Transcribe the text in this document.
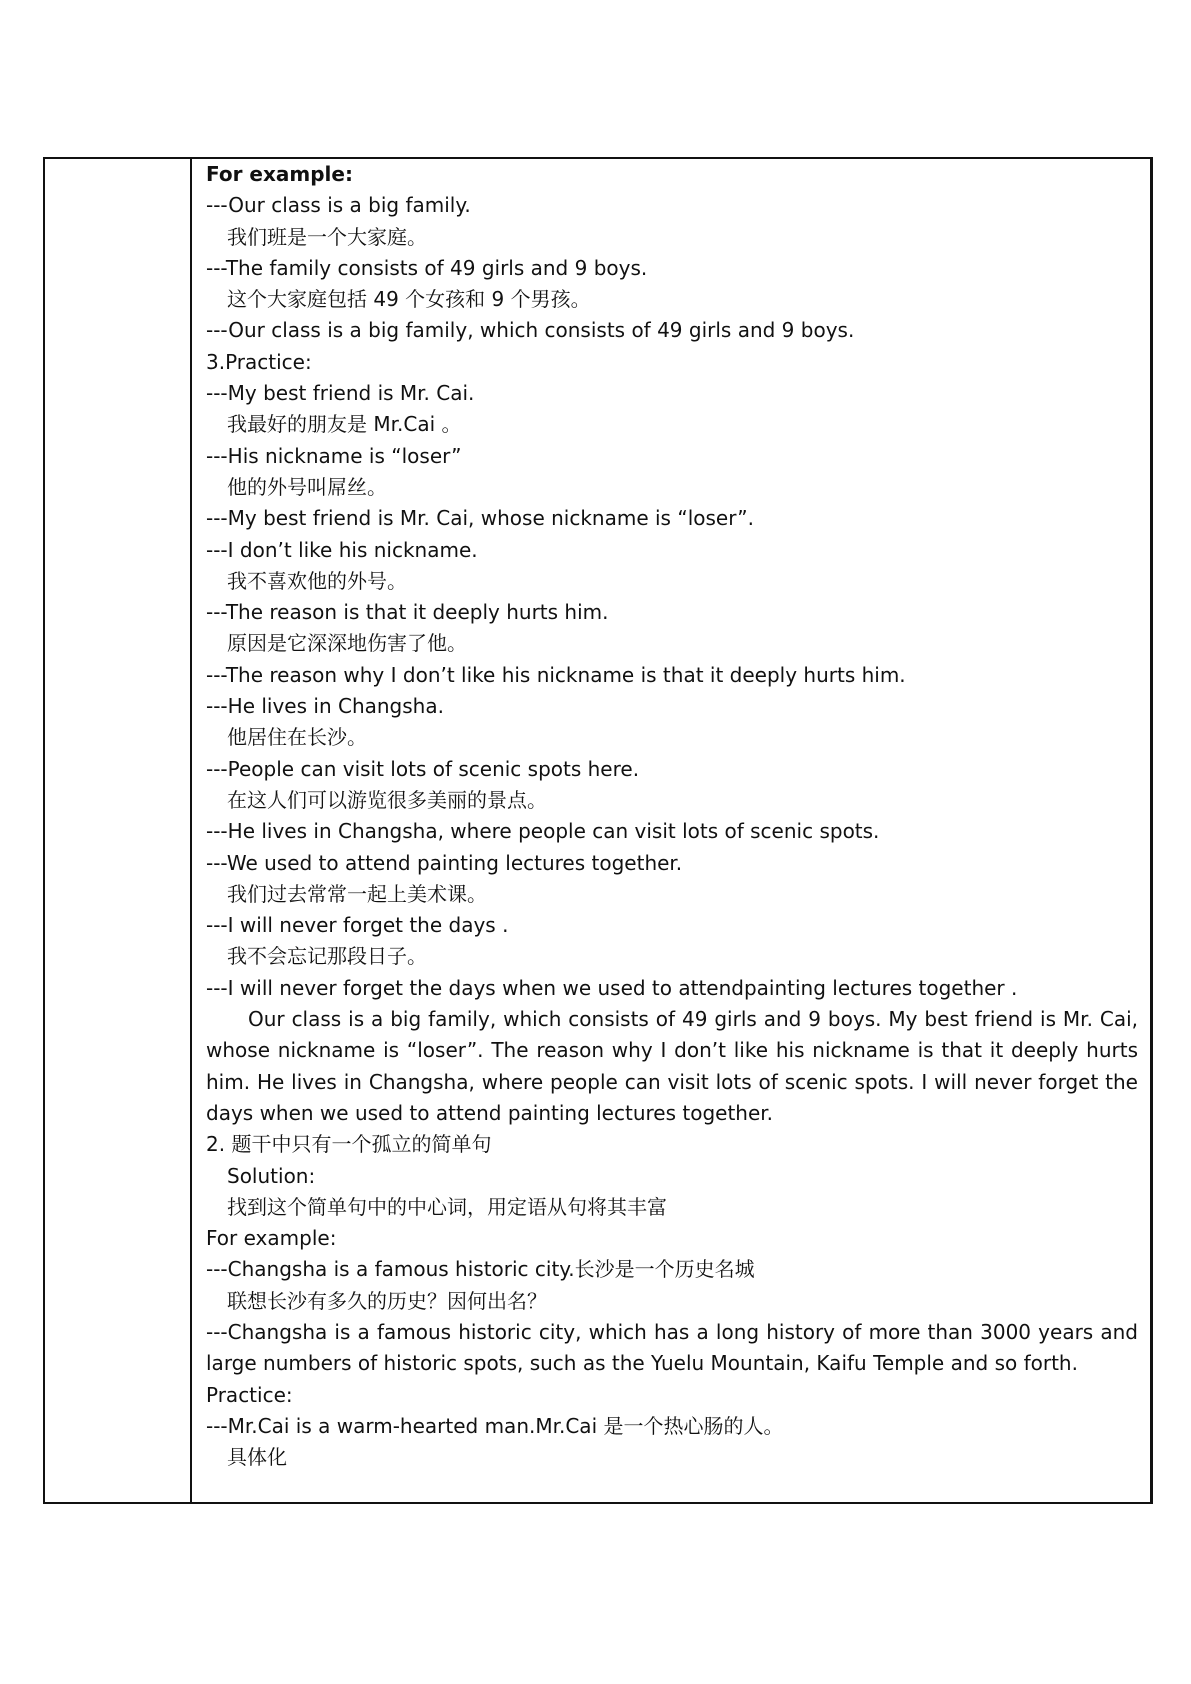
For example:
---Our class is a big family.
我们班是一个大家庭。
---The family consists of 49 girls and 9 boys.
这个大家庭包括 49 个女孩和 9 个男孩。
---Our class is a big family, which consists of 49 girls and 9 boys.
3.Practice:
---My best friend is Mr. Cai.
我最好的朋友是 Mr.Cai 。
---His nickname is “loser”
他的外号叫屌丝。
---My best friend is Mr. Cai, whose nickname is “loser”.
---I don’t like his nickname.
我不喜欢他的外号。
---The reason is that it deeply hurts him.
原因是它深深地伤害了他。
---The reason why I don’t like his nickname is that it deeply hurts him.
---He lives in Changsha.
他居住在长沙。
---People can visit lots of scenic spots here.
在这人们可以游览很多美丽的景点。
---He lives in Changsha, where people can visit lots of scenic spots.
---We used to attend painting lectures together.
我们过去常常一起上美术课。
---I will never forget the days .
我不会忘记那段日子。
---I will never forget the days when we used to attendpainting lectures together .

Our class is a big family, which consists of 49 girls and 9 boys. My best friend is Mr. Cai, whose nickname is “loser”. The reason why I don’t like his nickname is that it deeply hurts him. He lives in Changsha, where people can visit lots of scenic spots. I will never forget the days when we used to attend painting lectures together.

2. 题干中只有一个孤立的简单句
Solution:
找到这个简单句中的中心词，用定语从句将其丰富
For example:
---Changsha is a famous historic city.长沙是一个历史名城
联想长沙有多久的历史？因何出名？

---Changsha is a famous historic city, which has a long history of more than 3000 years and large numbers of historic spots, such as the Yuelu Mountain, Kaifu Temple and so forth.

Practice:
---Mr.Cai is a warm-hearted man.Mr.Cai 是一个热心肠的人。
具体化
